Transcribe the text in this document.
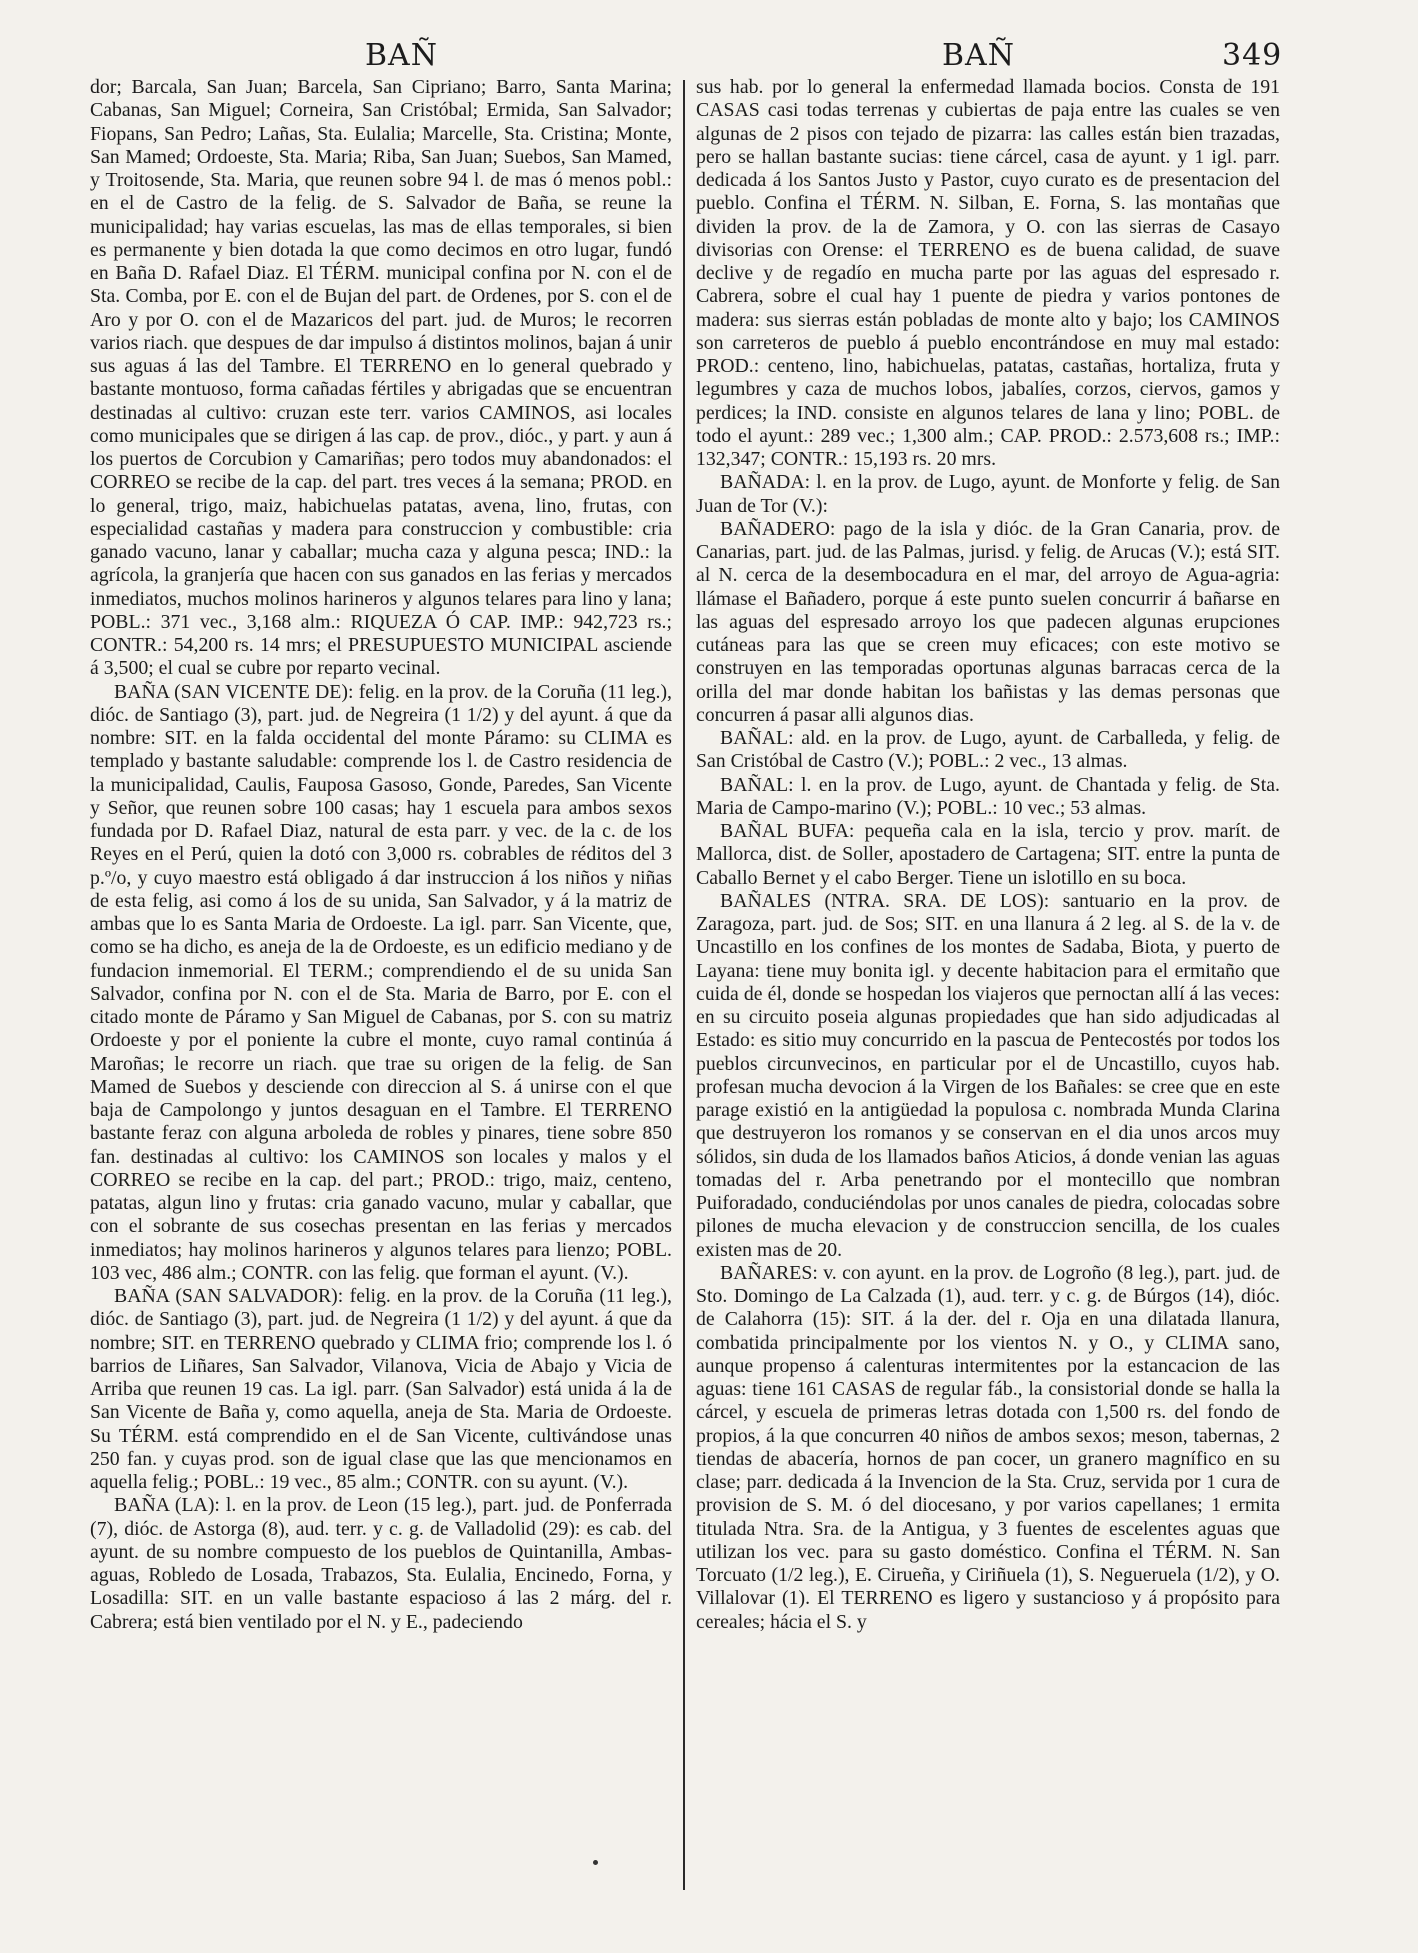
BAÑ	BAÑ	349

dor; Barcala, San Juan; Barcela, San Cipriano; Barro, Santa Marina; Cabanas, San Miguel; Corneira, San Cristóbal; Ermida, San Salvador; Fiopans, San Pedro; Lañas, Sta. Eulalia; Marcelle, Sta. Cristina; Monte, San Mamed; Ordoeste, Sta. Maria; Riba, San Juan; Suebos, San Mamed, y Troitosende, Sta. Maria, que reunen sobre 94 l. de mas ó menos pobl.: en el de Castro de la felig. de S. Salvador de Baña, se reune la municipalidad; hay varias escuelas, las mas de ellas temporales, si bien es permanente y bien dotada la que como decimos en otro lugar, fundó en Baña D. Rafael Diaz. El TÉRM. municipal confina por N. con el de Sta. Comba, por E. con el de Bujan del part. de Ordenes, por S. con el de Aro y por O. con el de Mazaricos del part. jud. de Muros; le recorren varios riach. que despues de dar impulso á distintos molinos, bajan á unir sus aguas á las del Tambre. El TERRENO en lo general quebrado y bastante montuoso, forma cañadas fértiles y abrigadas que se encuentran destinadas al cultivo: cruzan este terr. varios CAMINOS, asi locales como municipales que se dirigen á las cap. de prov., dióc., y part. y aun á los puertos de Corcubion y Camariñas; pero todos muy abandonados: el CORREO se recibe de la cap. del part. tres veces á la semana; PROD. en lo general, trigo, maiz, habichuelas patatas, avena, lino, frutas, con especialidad castañas y madera para construccion y combustible: cria ganado vacuno, lanar y caballar; mucha caza y alguna pesca; IND.: la agrícola, la granjería que hacen con sus ganados en las ferias y mercados inmediatos, muchos molinos harineros y algunos telares para lino y lana; POBL.: 371 vec., 3,168 alm.: RIQUEZA Ó CAP. IMP.: 942,723 rs.; CONTR.: 54,200 rs. 14 mrs; el PRESUPUESTO MUNICIPAL asciende á 3,500; el cual se cubre por reparto vecinal.

BAÑA (SAN VICENTE DE): felig. en la prov. de la Coruña (11 leg.), dióc. de Santiago (3), part. jud. de Negreira (1 1/2) y del ayunt. á que da nombre: SIT. en la falda occidental del monte Páramo: su CLIMA es templado y bastante saludable: comprende los l. de Castro residencia de la municipalidad, Caulis, Fauposa Gasoso, Gonde, Paredes, San Vicente y Señor, que reunen sobre 100 casas; hay 1 escuela para ambos sexos fundada por D. Rafael Diaz, natural de esta parr. y vec. de la c. de los Reyes en el Perú, quien la dotó con 3,000 rs. cobrables de réditos del 3 p.º/o, y cuyo maestro está obligado á dar instruccion á los niños y niñas de esta felig, asi como á los de su unida, San Salvador, y á la matriz de ambas que lo es Santa Maria de Ordoeste. La igl. parr. San Vicente, que, como se ha dicho, es aneja de la de Ordoeste, es un edificio mediano y de fundacion inmemorial. El TERM.; comprendiendo el de su unida San Salvador, confina por N. con el de Sta. Maria de Barro, por E. con el citado monte de Páramo y San Miguel de Cabanas, por S. con su matriz Ordoeste y por el poniente la cubre el monte, cuyo ramal continúa á Maroñas; le recorre un riach. que trae su origen de la felig. de San Mamed de Suebos y desciende con direccion al S. á unirse con el que baja de Campolongo y juntos desaguan en el Tambre. El TERRENO bastante feraz con alguna arboleda de robles y pinares, tiene sobre 850 fan. destinadas al cultivo: los CAMINOS son locales y malos y el CORREO se recibe en la cap. del part.; PROD.: trigo, maiz, centeno, patatas, algun lino y frutas: cria ganado vacuno, mular y caballar, que con el sobrante de sus cosechas presentan en las ferias y mercados inmediatos; hay molinos harineros y algunos telares para lienzo; POBL. 103 vec, 486 alm.; CONTR. con las felig. que forman el ayunt. (V.).

BAÑA (SAN SALVADOR): felig. en la prov. de la Coruña (11 leg.), dióc. de Santiago (3), part. jud. de Negreira (1 1/2) y del ayunt. á que da nombre; SIT. en TERRENO quebrado y CLIMA frio; comprende los l. ó barrios de Liñares, San Salvador, Vilanova, Vicia de Abajo y Vicia de Arriba que reunen 19 cas. La igl. parr. (San Salvador) está unida á la de San Vicente de Baña y, como aquella, aneja de Sta. Maria de Ordoeste. Su TÉRM. está comprendido en el de San Vicente, cultivándose unas 250 fan. y cuyas prod. son de igual clase que las que mencionamos en aquella felig.; POBL.: 19 vec., 85 alm.; CONTR. con su ayunt. (V.).

BAÑA (LA): l. en la prov. de Leon (15 leg.), part. jud. de Ponferrada (7), dióc. de Astorga (8), aud. terr. y c. g. de Valladolid (29): es cab. del ayunt. de su nombre compuesto de los pueblos de Quintanilla, Ambas-aguas, Robledo de Losada, Trabazos, Sta. Eulalia, Encinedo, Forna, y Losadilla: SIT. en un valle bastante espacioso á las 2 márg. del r. Cabrera; está bien ventilado por el N. y E., padeciendo

sus hab. por lo general la enfermedad llamada bocios. Consta de 191 CASAS casi todas terrenas y cubiertas de paja entre las cuales se ven algunas de 2 pisos con tejado de pizarra: las calles están bien trazadas, pero se hallan bastante sucias: tiene cárcel, casa de ayunt. y 1 igl. parr. dedicada á los Santos Justo y Pastor, cuyo curato es de presentacion del pueblo. Confina el TÉRM. N. Silban, E. Forna, S. las montañas que dividen la prov. de la de Zamora, y O. con las sierras de Casayo divisorias con Orense: el TERRENO es de buena calidad, de suave declive y de regadío en mucha parte por las aguas del espresado r. Cabrera, sobre el cual hay 1 puente de piedra y varios pontones de madera: sus sierras están pobladas de monte alto y bajo; los CAMINOS son carreteros de pueblo á pueblo encontrándose en muy mal estado: PROD.: centeno, lino, habichuelas, patatas, castañas, hortaliza, fruta y legumbres y caza de muchos lobos, jabalíes, corzos, ciervos, gamos y perdices; la IND. consiste en algunos telares de lana y lino; POBL. de todo el ayunt.: 289 vec.; 1,300 alm.; CAP. PROD.: 2.573,608 rs.; IMP.: 132,347; CONTR.: 15,193 rs. 20 mrs.

BAÑADA: l. en la prov. de Lugo, ayunt. de Monforte y felig. de San Juan de Tor (V.):

BAÑADERO: pago de la isla y dióc. de la Gran Canaria, prov. de Canarias, part. jud. de las Palmas, jurisd. y felig. de Arucas (V.); está SIT. al N. cerca de la desembocadura en el mar, del arroyo de Agua-agria: llámase el Bañadero, porque á este punto suelen concurrir á bañarse en las aguas del espresado arroyo los que padecen algunas erupciones cutáneas para las que se creen muy eficaces; con este motivo se construyen en las temporadas oportunas algunas barracas cerca de la orilla del mar donde habitan los bañistas y las demas personas que concurren á pasar alli algunos dias.

BAÑAL: ald. en la prov. de Lugo, ayunt. de Carballeda, y felig. de San Cristóbal de Castro (V.); POBL.: 2 vec., 13 almas.

BAÑAL: l. en la prov. de Lugo, ayunt. de Chantada y felig. de Sta. Maria de Campo-marino (V.); POBL.: 10 vec.; 53 almas.

BAÑAL BUFA: pequeña cala en la isla, tercio y prov. marít. de Mallorca, dist. de Soller, apostadero de Cartagena; SIT. entre la punta de Caballo Bernet y el cabo Berger. Tiene un islotillo en su boca.

BAÑALES (NTRA. SRA. DE LOS): santuario en la prov. de Zaragoza, part. jud. de Sos; SIT. en una llanura á 2 leg. al S. de la v. de Uncastillo en los confines de los montes de Sadaba, Biota, y puerto de Layana: tiene muy bonita igl. y decente habitacion para el ermitaño que cuida de él, donde se hospedan los viajeros que pernoctan allí á las veces: en su circuito poseia algunas propiedades que han sido adjudicadas al Estado: es sitio muy concurrido en la pascua de Pentecostés por todos los pueblos circunvecinos, en particular por el de Uncastillo, cuyos hab. profesan mucha devocion á la Virgen de los Bañales: se cree que en este parage existió en la antigüedad la populosa c. nombrada Munda Clarina que destruyeron los romanos y se conservan en el dia unos arcos muy sólidos, sin duda de los llamados baños Aticios, á donde venian las aguas tomadas del r. Arba penetrando por el montecillo que nombran Puiforadado, conduciéndolas por unos canales de piedra, colocadas sobre pilones de mucha elevacion y de construccion sencilla, de los cuales existen mas de 20.

BAÑARES: v. con ayunt. en la prov. de Logroño (8 leg.), part. jud. de Sto. Domingo de La Calzada (1), aud. terr. y c. g. de Búrgos (14), dióc. de Calahorra (15): SIT. á la der. del r. Oja en una dilatada llanura, combatida principalmente por los vientos N. y O., y CLIMA sano, aunque propenso á calenturas intermitentes por la estancacion de las aguas: tiene 161 CASAS de regular fáb., la consistorial donde se halla la cárcel, y escuela de primeras letras dotada con 1,500 rs. del fondo de propios, á la que concurren 40 niños de ambos sexos; meson, tabernas, 2 tiendas de abacería, hornos de pan cocer, un granero magnífico en su clase; parr. dedicada á la Invencion de la Sta. Cruz, servida por 1 cura de provision de S. M. ó del diocesano, y por varios capellanes; 1 ermita titulada Ntra. Sra. de la Antigua, y 3 fuentes de escelentes aguas que utilizan los vec. para su gasto doméstico. Confina el TÉRM. N. San Torcuato (1/2 leg.), E. Cirueña, y Ciriñuela (1), S. Negueruela (1/2), y O. Villalovar (1). El TERRENO es ligero y sustancioso y á propósito para cereales; hácia el S. y
